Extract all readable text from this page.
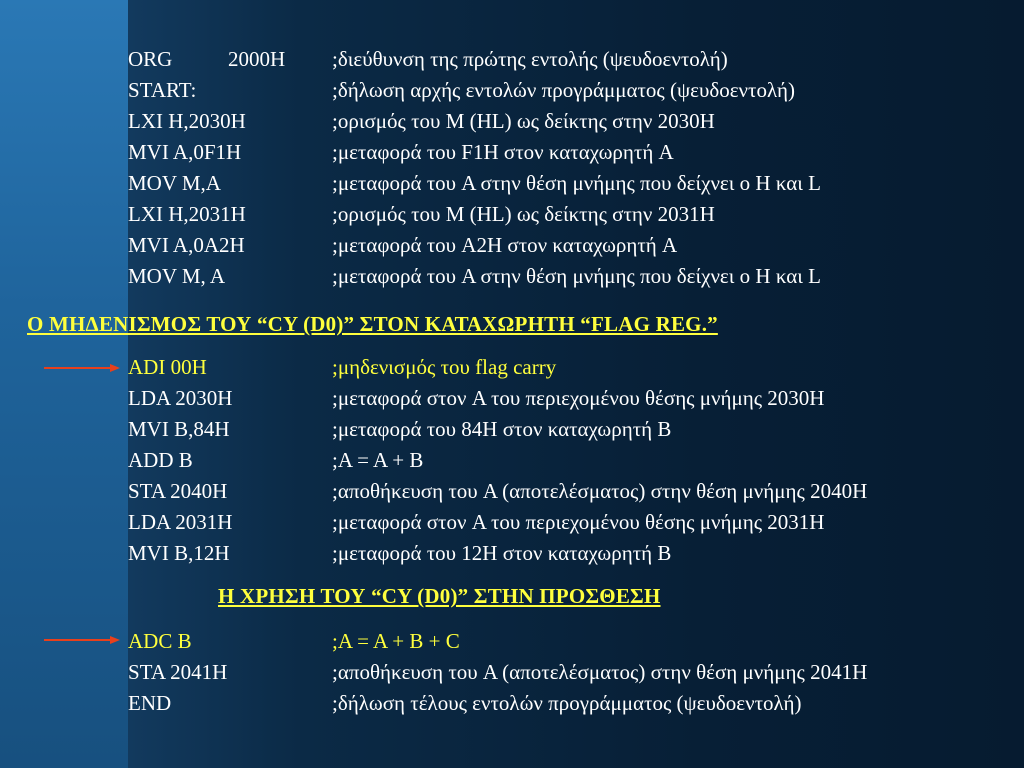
ORG	2000H ;διεύθυνση της πρώτης εντολής (ψευδοεντολή)
START:	;δήλωση αρχής εντολών προγράμματος (ψευδοεντολή)
LXI H,2030H	;ορισμός του Μ (HL) ως δείκτης στην 2030H
MVI A,0F1H	;μεταφορά του F1H στον καταχωρητή A
MOV M,A	;μεταφορά του A στην θέση μνήμης που δείχνει ο H και L
LXI H,2031H	;ορισμός του Μ (HL) ως δείκτης στην 2031H
MVI A,0A2H	;μεταφορά του A2H στον καταχωρητή A
MOV M, A	;μεταφορά του A στην θέση μνήμης που δείχνει ο H και L
Ο ΜΗΔΕΝΙΣΜΟΣ ΤΟΥ “CY (D0)” ΣΤΟΝ ΚΑΤΑΧΩΡΗΤΗ “FLAG REG.”
ADI 00H	;μηδενισμός του flag carry
LDA 2030H	;μεταφορά στον A του περιεχομένου θέσης μνήμης 2030H
MVI B,84H	;μεταφορά του 84H στον καταχωρητή B
ADD B	;A = A + B
STA 2040H	;αποθήκευση του A (αποτελέσματος) στην θέση μνήμης 2040H
LDA 2031H	;μεταφορά στον A του περιεχομένου θέσης μνήμης 2031H
MVI B,12H	;μεταφορά του 12H στον καταχωρητή B
Η ΧΡΗΣΗ ΤΟΥ “CY (D0)” ΣΤΗΝ ΠΡΟΣΘΕΣΗ
ADC B	;A = A + B + C
STA 2041H	;αποθήκευση του A (αποτελέσματος) στην θέση μνήμης 2041H
END	;δήλωση τέλους εντολών προγράμματος (ψευδοεντολή)
